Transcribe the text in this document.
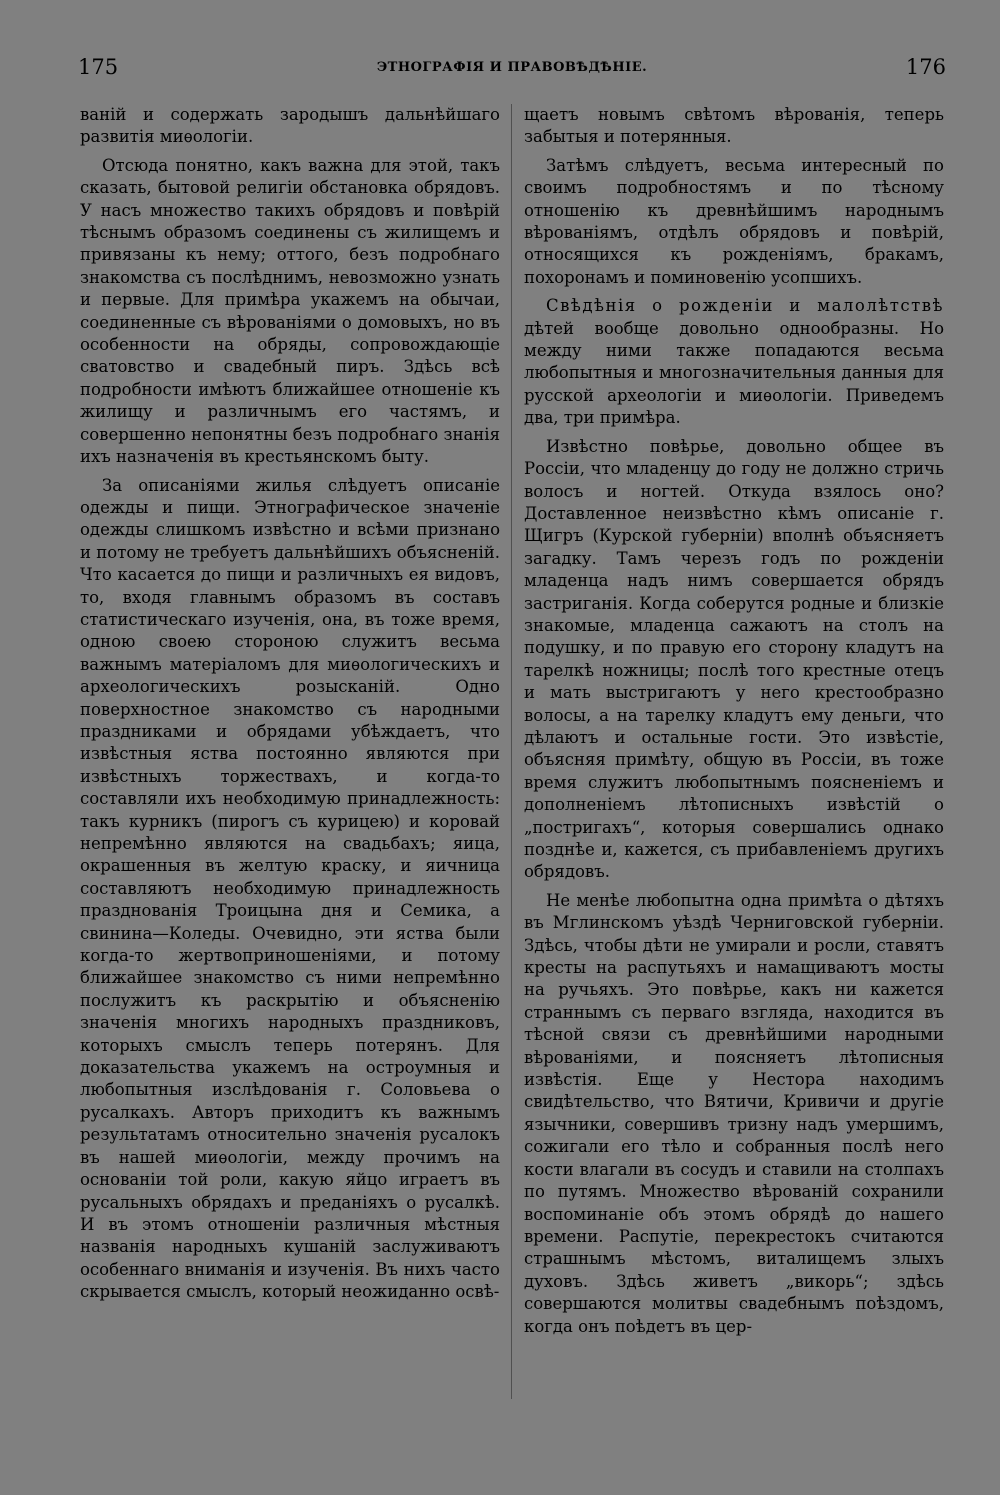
175	ЭТНОГРАФІЯ И ПРАВОВѢДѢНІЕ.	176

ваній и содержать зародышъ дальнѣйшаго развитія миѳологіи.

Отсюда понятно, какъ важна для этой, такъ сказать, бытовой религіи обстановка обрядовъ. У насъ множество такихъ обрядовъ и повѣрій тѣснымъ образомъ соединены съ жилищемъ и привязаны къ нему; оттого, безъ подробнаго знакомства съ послѣднимъ, невозможно узнать и первые. Для примѣра укажемъ на обычаи, соединенные съ вѣрованіями о домовыхъ, но въ особенности на обряды, сопровождающіе сватовство и свадебный пиръ. Здѣсь всѣ подробности имѣютъ ближайшее отношеніе къ жилищу и различнымъ его частямъ, и совершенно непонятны безъ подробнаго знанія ихъ назначенія въ крестьянскомъ быту.

За описаніями жилья слѣдуетъ описаніе одежды и пищи. Этнографическое значеніе одежды слишкомъ извѣстно и всѣми признано и потому не требуетъ дальнѣйшихъ объясненій. Что касается до пищи и различныхъ ея видовъ, то, входя главнымъ образомъ въ составъ статистическаго изученія, она, въ тоже время, одною своею стороною служитъ весьма важнымъ матеріаломъ для миѳологическихъ и археологическихъ розысканій. Одно поверхностное знакомство съ народными праздниками и обрядами убѣждаетъ, что извѣстныя яства постоянно являются при извѣстныхъ торжествахъ, и когда-то составляли ихъ необходимую принадлежность: такъ курникъ (пирогъ съ курицею) и коровай непремѣнно являются на свадьбахъ; яица, окрашенныя въ желтую краску, и яичница составляютъ необходимую принадлежность празднованія Троицына дня и Семика, а свинина—Коледы. Очевидно, эти яства были когда-то жертвоприношеніями, и потому ближайшее знакомство съ ними непремѣнно послужитъ къ раскрытію и объясненію значенія многихъ народныхъ праздниковъ, которыхъ смыслъ теперь потерянъ. Для доказательства укажемъ на остроумныя и любопытныя изслѣдованія г. Соловьева о русалкахъ. Авторъ приходитъ къ важнымъ результатамъ относительно значенія русалокъ въ нашей миѳологіи, между прочимъ на основаніи той роли, какую яйцо играетъ въ русальныхъ обрядахъ и преданіяхъ о русалкѣ. И въ этомъ отношеніи различныя мѣстныя названія народныхъ кушаній заслуживаютъ особеннаго вниманія и изученія. Въ нихъ часто скрывается смыслъ, который неожиданно освѣ-

щаетъ новымъ свѣтомъ вѣрованія, теперь забытыя и потерянныя.

Затѣмъ слѣдуетъ, весьма интересный по своимъ подробностямъ и по тѣсному отношенію къ древнѣйшимъ народнымъ вѣрованіямъ, отдѣлъ обрядовъ и повѣрій, относящихся къ рожденіямъ, бракамъ, похоронамъ и поминовенію усопшихъ.

Свѣдѣнія о рожденіи и малолѣтствѣ дѣтей вообще довольно однообразны. Но между ними также попадаются весьма любопытныя и многозначительныя данныя для русской археологіи и миѳологіи. Приведемъ два, три примѣра.

Извѣстно повѣрье, довольно общее въ Россіи, что младенцу до году не должно стричь волосъ и ногтей. Откуда взялось оно? Доставленное неизвѣстно кѣмъ описаніе г. Щигръ (Курской губерніи) вполнѣ объясняетъ загадку. Тамъ черезъ годъ по рожденіи младенца надъ нимъ совершается обрядъ застриганія. Когда соберутся родные и близкіе знакомые, младенца сажаютъ на столъ на подушку, и по правую его сторону кладутъ на тарелкѣ ножницы; послѣ того крестные отецъ и мать выстригаютъ у него крестообразно волосы, а на тарелку кладутъ ему деньги, что дѣлаютъ и остальные гости. Это извѣстіе, объясняя примѣту, общую въ Россіи, въ тоже время служитъ любопытнымъ поясненіемъ и дополненіемъ лѣтописныхъ извѣстій о „постригахъ“, которыя совершались однако позднѣе и, кажется, съ прибавленіемъ другихъ обрядовъ.

Не менѣе любопытна одна примѣта о дѣтяхъ въ Мглинскомъ уѣздѣ Черниговской губерніи. Здѣсь, чтобы дѣти не умирали и росли, ставятъ кресты на распутьяхъ и намащиваютъ мосты на ручьяхъ. Это повѣрье, какъ ни кажется страннымъ съ перваго взгляда, находится въ тѣсной связи съ древнѣйшими народными вѣрованіями, и поясняетъ лѣтописныя извѣстія. Еще у Нестора находимъ свидѣтельство, что Вятичи, Кривичи и другіе язычники, совершивъ тризну надъ умершимъ, сожигали его тѣло и собранныя послѣ него кости влагали въ сосудъ и ставили на столпахъ по путямъ. Множество вѣрованій сохранили воспоминаніе объ этомъ обрядѣ до нашего времени. Распутіе, перекрестокъ считаются страшнымъ мѣстомъ, виталищемъ злыхъ духовъ. Здѣсь живетъ „викорь“; здѣсь совершаются молитвы свадебнымъ поѣздомъ, когда онъ поѣдетъ въ цер-
